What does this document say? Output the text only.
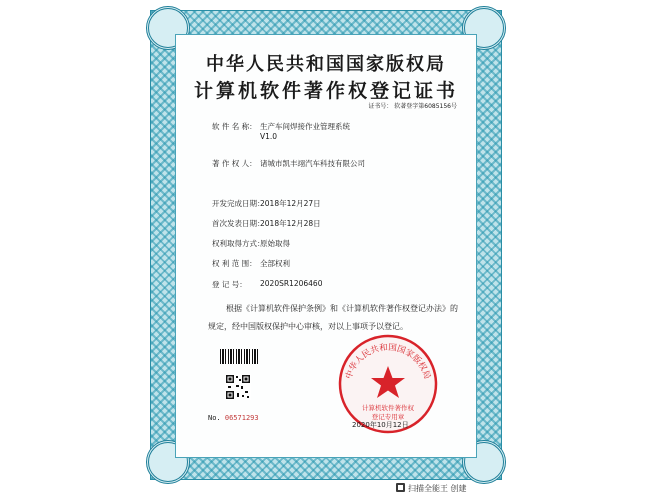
中华人民共和国国家版权局
计算机软件著作权登记证书
证书号： 软著登字第6085156号
软 件 名 称： 生产车间焊接作业管理系统
V1.0
著 作 权 人： 诸城市凯丰翊汽车科技有限公司
开发完成日期：
2018年12月27日
首次发表日期：
2018年12月28日
权利取得方式：
原始取得
权 利 范 围： 全部权利
登 记 号： 2020SR1206460
根据《计算机软件保护条例》和《计算机软件著作权登记办法》的
规定，经中国版权保护中心审核，对以上事项予以登记。
No. 06571293
中华人民共和国国家版权局
计算机软件著作权
登记专用章
2020年10月12日
扫描全能王 创建
